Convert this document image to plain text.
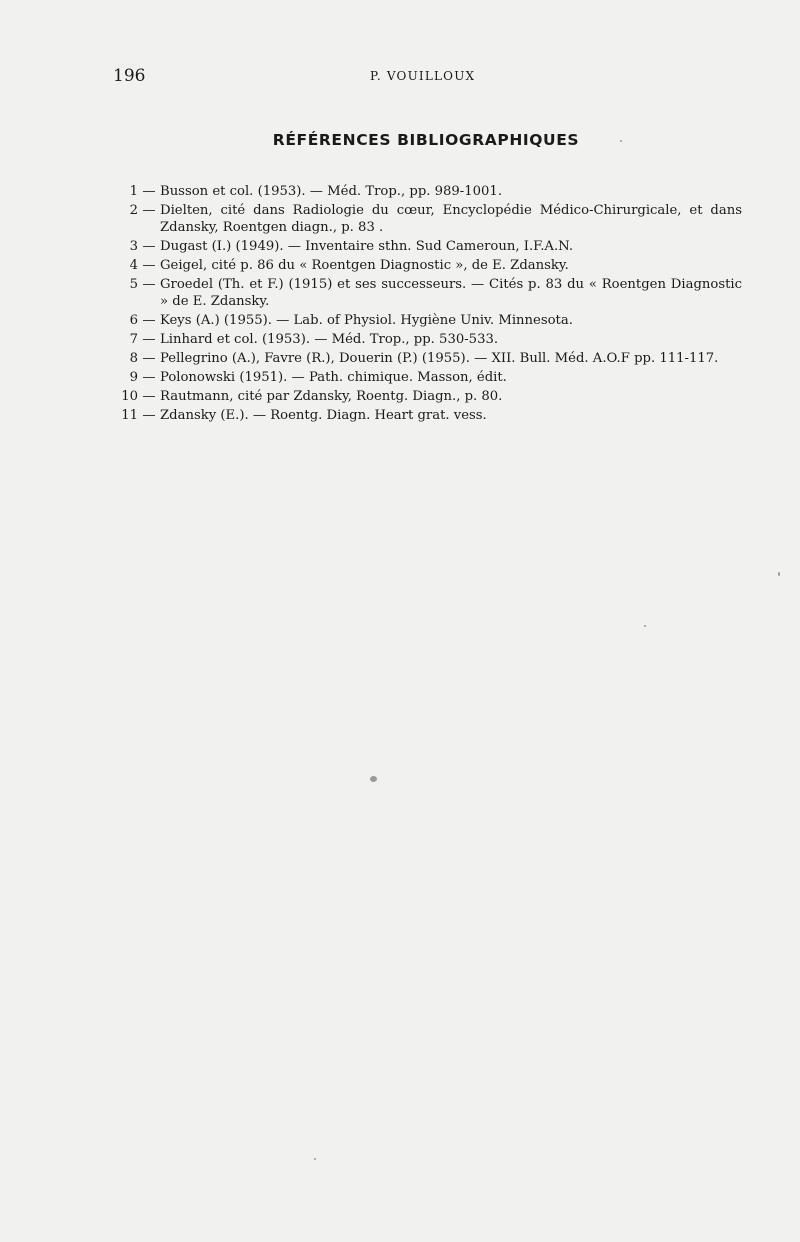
196	P. VOUILLOUX
RÉFÉRENCES BIBLIOGRAPHIQUES
1 — Busson et col. (1953). — Méd. Trop., pp. 989-1001.
2 — Dielten, cité dans Radiologie du cœur, Encyclopédie Médico-Chirurgicale, et dans Zdansky, Roentgen diagn., p. 83 .
3 — Dugast (I.) (1949). — Inventaire sthn. Sud Cameroun, I.F.A.N.
4 — Geigel, cité p. 86 du « Roentgen Diagnostic », de E. Zdansky.
5 — Groedel (Th. et F.) (1915) et ses successeurs. — Cités p. 83 du « Roentgen Diagnostic » de E. Zdansky.
6 — Keys (A.) (1955). — Lab. of Physiol. Hygiène Univ. Minnesota.
7 — Linhard et col. (1953). — Méd. Trop., pp. 530-533.
8 — Pellegrino (A.), Favre (R.), Douerin (P.) (1955). — XII. Bull. Méd. A.O.F pp. 111-117.
9 — Polonowski (1951). — Path. chimique. Masson, édit.
10 — Rautmann, cité par Zdansky, Roentg. Diagn., p. 80.
11 — Zdansky (E.). — Roentg. Diagn. Heart grat. vess.
